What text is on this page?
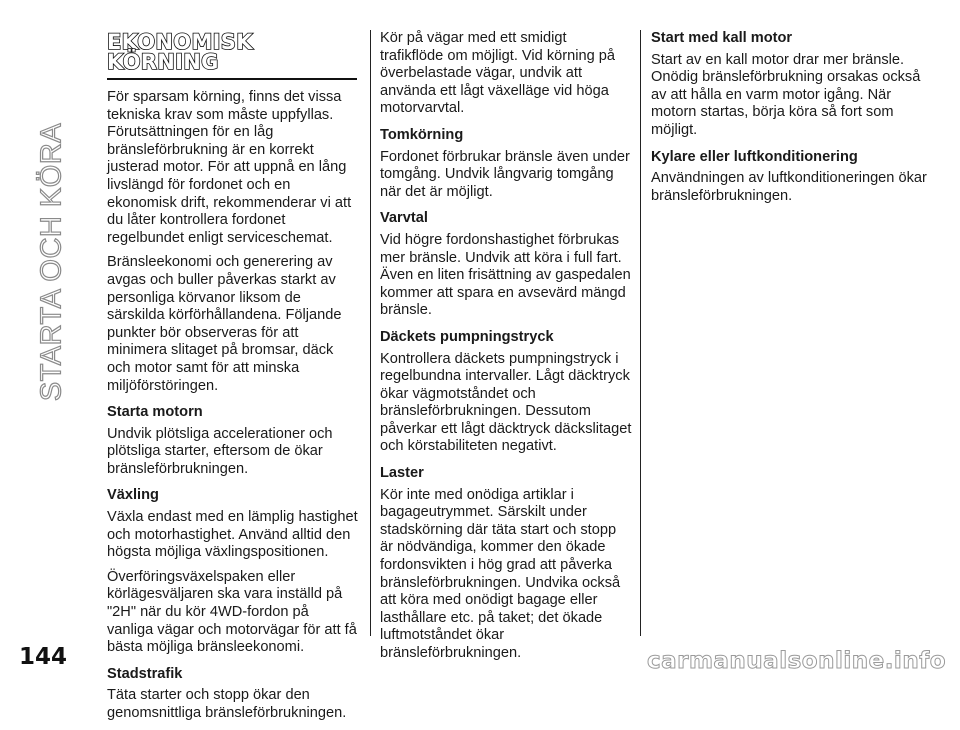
STARTA OCH KÖRA
EKONOMISK KÖRNING
För sparsam körning, finns det vissa tekniska krav som måste uppfyllas. Förutsättningen för en låg bränsleförbrukning är en korrekt justerad motor. För att uppnå en lång livslängd för fordonet och en ekonomisk drift, rekommenderar vi att du låter kontrollera fordonet regelbundet enligt serviceschemat.
Bränsleekonomi och generering av avgas och buller påverkas starkt av personliga körvanor liksom de särskilda körförhållandena. Följande punkter bör observeras för att minimera slitaget på bromsar, däck och motor samt för att minska miljöförstöringen.
Starta motorn
Undvik plötsliga accelerationer och plötsliga starter, eftersom de ökar bränsleförbrukningen.
Växling
Växla endast med en lämplig hastighet och motorhastighet. Använd alltid den högsta möjliga växlingspositionen.
Överföringsväxelspaken eller körlägesväljaren ska vara inställd på "2H" när du kör 4WD-fordon på vanliga vägar och motorvägar för att få bästa möjliga bränsleekonomi.
Stadstrafik
Täta starter och stopp ökar den genomsnittliga bränsleförbrukningen.
Kör på vägar med ett smidigt trafikflöde om möjligt. Vid körning på överbelastade vägar, undvik att använda ett lågt växelläge vid höga motorvarvtal.
Tomkörning
Fordonet förbrukar bränsle även under tomgång. Undvik långvarig tomgång när det är möjligt.
Varvtal
Vid högre fordonshastighet förbrukas mer bränsle. Undvik att köra i full fart. Även en liten frisättning av gaspedalen kommer att spara en avsevärd mängd bränsle.
Däckets pumpningstryck
Kontrollera däckets pumpningstryck i regelbundna intervaller. Lågt däcktryck ökar vägmotståndet och bränsleförbrukningen. Dessutom påverkar ett lågt däcktryck däckslitaget och körstabiliteten negativt.
Laster
Kör inte med onödiga artiklar i bagageutrymmet. Särskilt under stadskörning där täta start och stopp är nödvändiga, kommer den ökade fordonsvikten i hög grad att påverka bränsleförbrukningen. Undvika också att köra med onödigt bagage eller lasthållare etc. på taket; det ökade luftmotståndet ökar bränsleförbrukningen.
Start med kall motor
Start av en kall motor drar mer bränsle. Onödig bränsleförbrukning orsakas också av att hålla en varm motor igång. När motorn startas, börja köra så fort som möjligt.
Kylare eller luftkonditionering
Användningen av luftkonditioneringen ökar bränsleförbrukningen.
144	carmanualsonline.info
